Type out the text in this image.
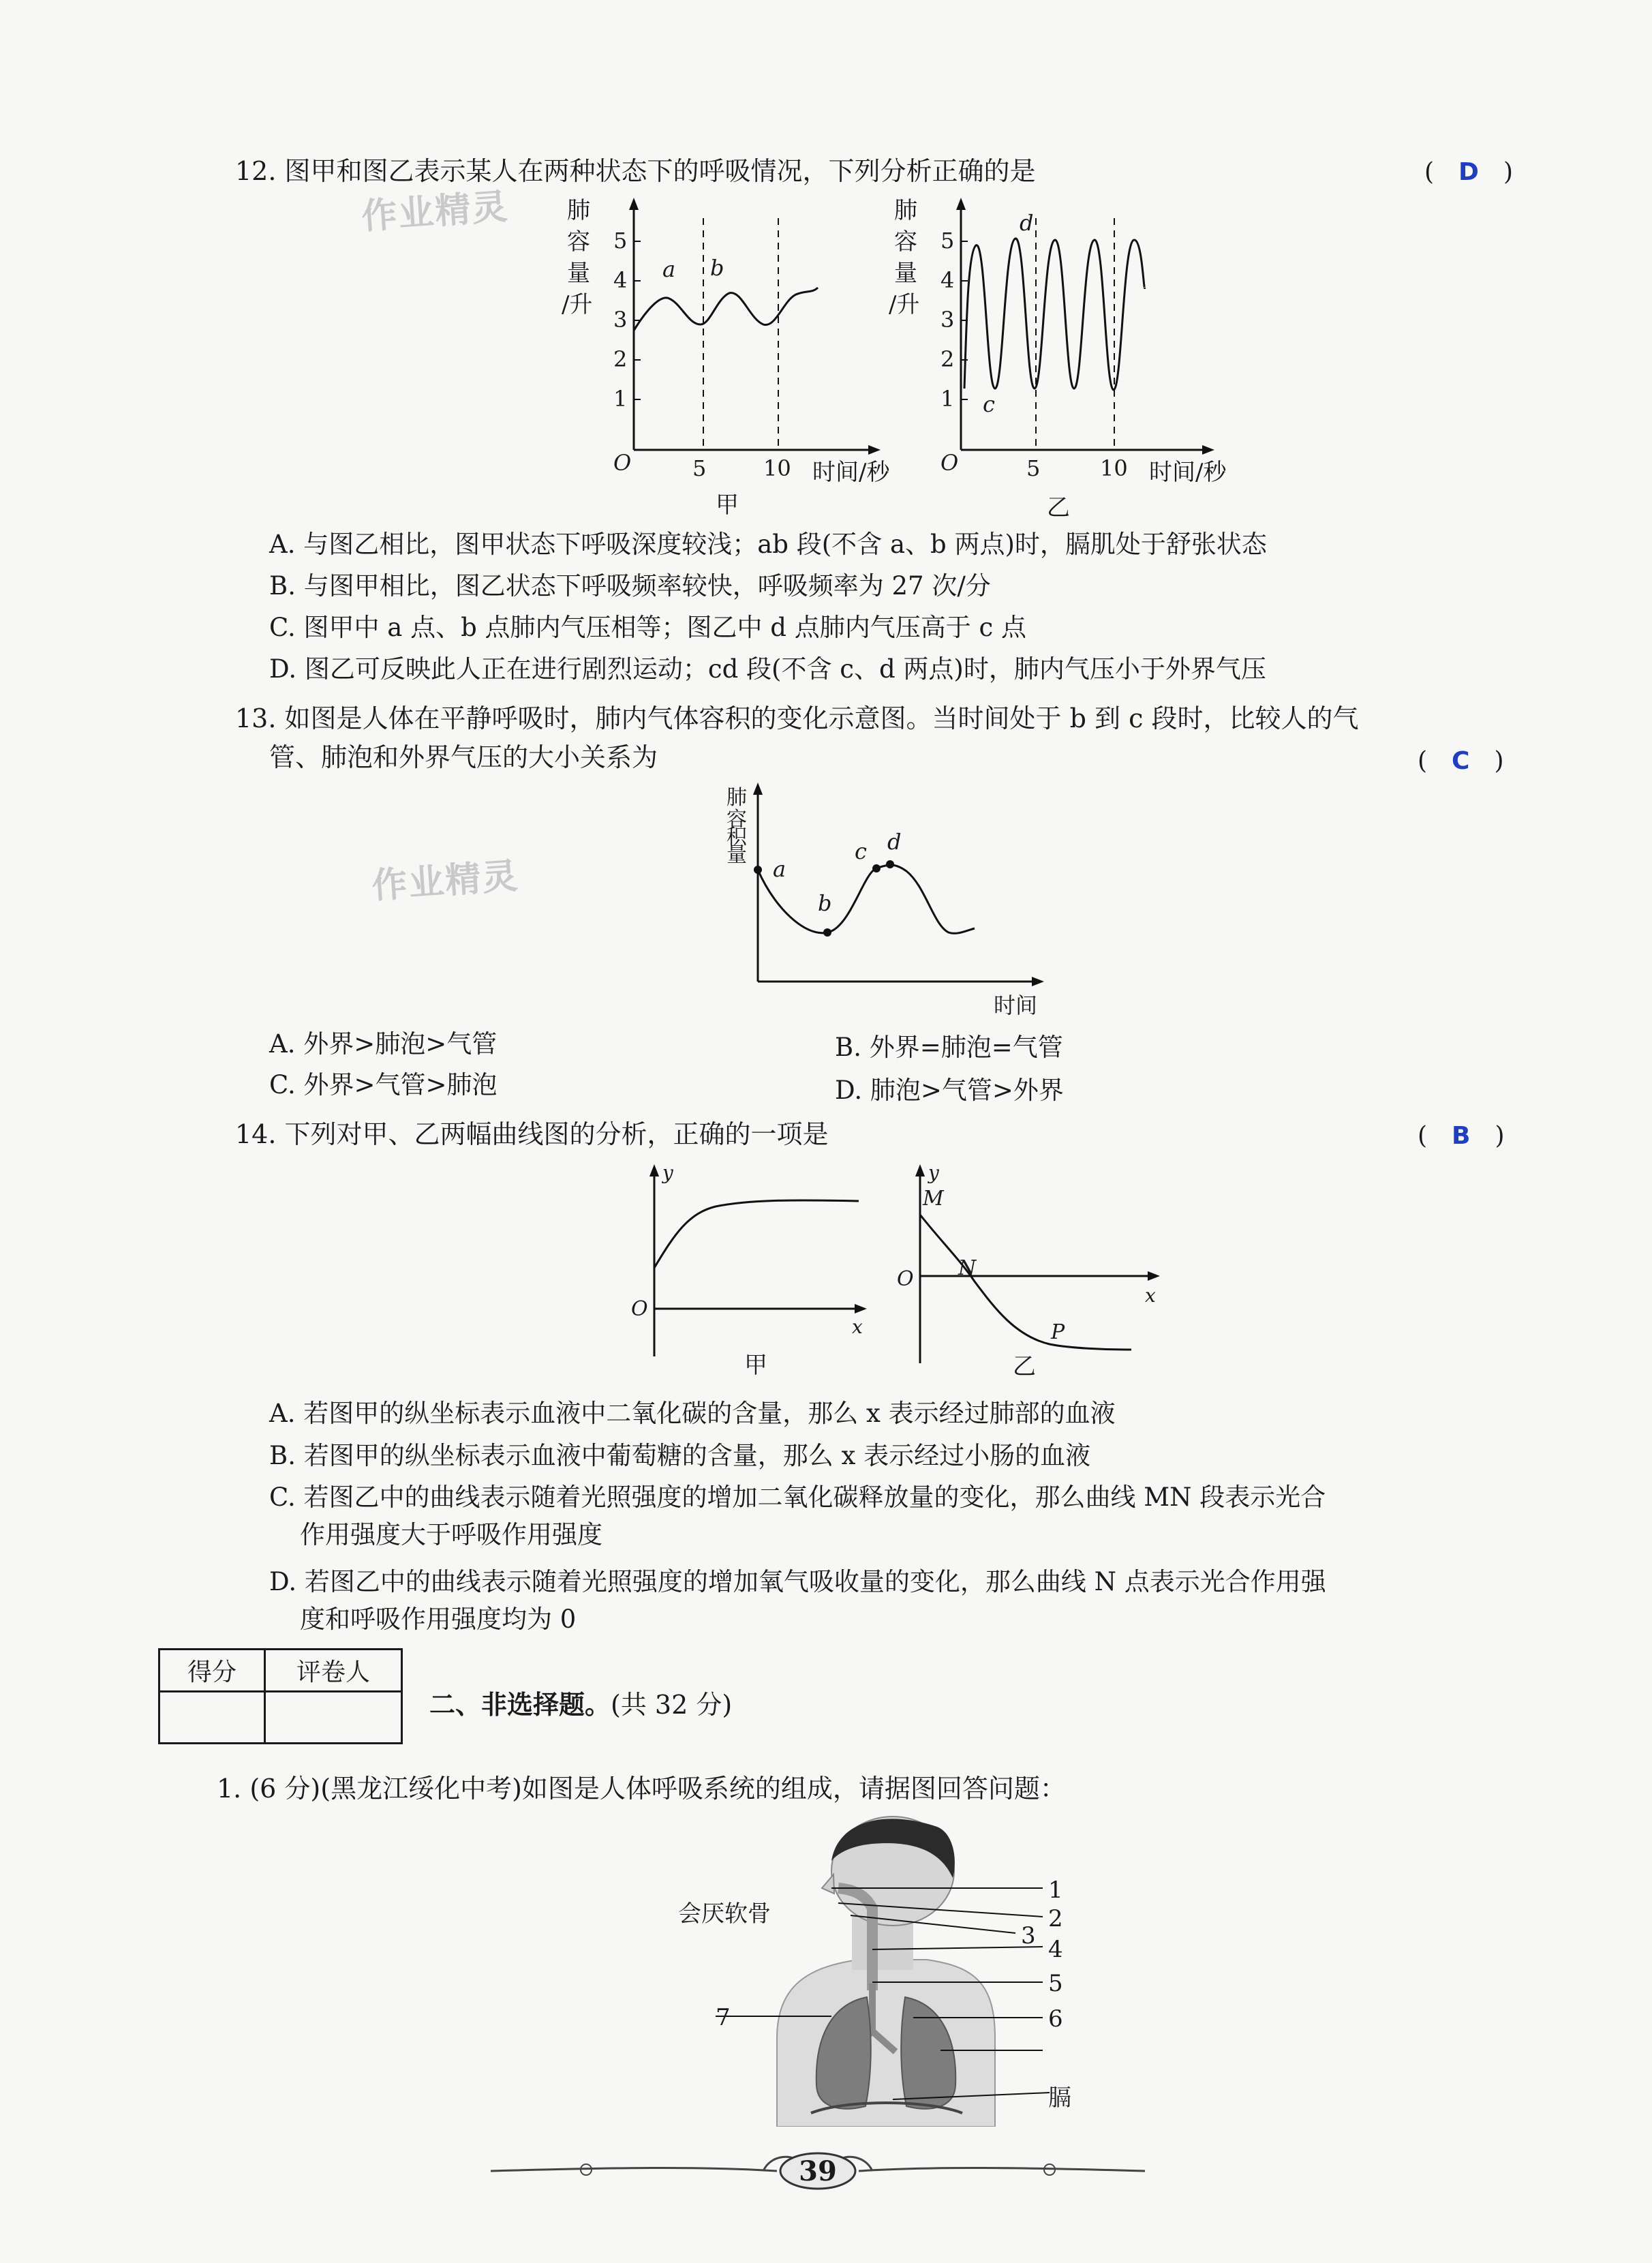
12. 图甲和图乙表示某人在两种状态下的呼吸情况，下列分析正确的是	( D )
作业精灵 肺
容
量
/升
1
2
3
4
5
a b
O	5	10 时间/秒
甲
肺
容
量
/升
1
2
3
4
5
c
d
O	5	10 时间/秒
乙
A. 与图乙相比，图甲状态下呼吸深度较浅；ab 段(不含 a、b 两点)时，膈肌处于舒张状态
B. 与图甲相比，图乙状态下呼吸频率较快，呼吸频率为 27 次/分
C. 图甲中 a 点、b 点肺内气压相等；图乙中 d 点肺内气压高于 c 点
D. 图乙可反映此人正在进行剧烈运动；cd 段(不含 c、d 两点)时，肺内气压小于外界气压
13. 如图是人体在平静呼吸时，肺内气体容积的变化示意图。当时间处于 b 到 c 段时，比较人的气
管、肺泡和外界气压的大小关系为	( C )
作业精灵
肺
容
积
量
a
b
c d
时间
A. 外界>肺泡>气管	B. 外界=肺泡=气管
C. 外界>气管>肺泡	D. 肺泡>气管>外界
14. 下列对甲、乙两幅曲线图的分析，正确的一项是	( B )
y
O
x
甲
y
M
N
O
P
x
乙
A. 若图甲的纵坐标表示血液中二氧化碳的含量，那么 x 表示经过肺部的血液
B. 若图甲的纵坐标表示血液中葡萄糖的含量，那么 x 表示经过小肠的血液
C. 若图乙中的曲线表示随着光照强度的增加二氧化碳释放量的变化，那么曲线 MN 段表示光合
作用强度大于呼吸作用强度
D. 若图乙中的曲线表示随着光照强度的增加氧气吸收量的变化，那么曲线 N 点表示光合作用强
度和呼吸作用强度均为 0
得分	评卷人

二、非选择题。(共 32 分)
1. (6 分)(黑龙江绥化中考)如图是人体呼吸系统的组成，请据图回答问题：
会厌软骨
1
2
3 4
5
6
7
膈
39
